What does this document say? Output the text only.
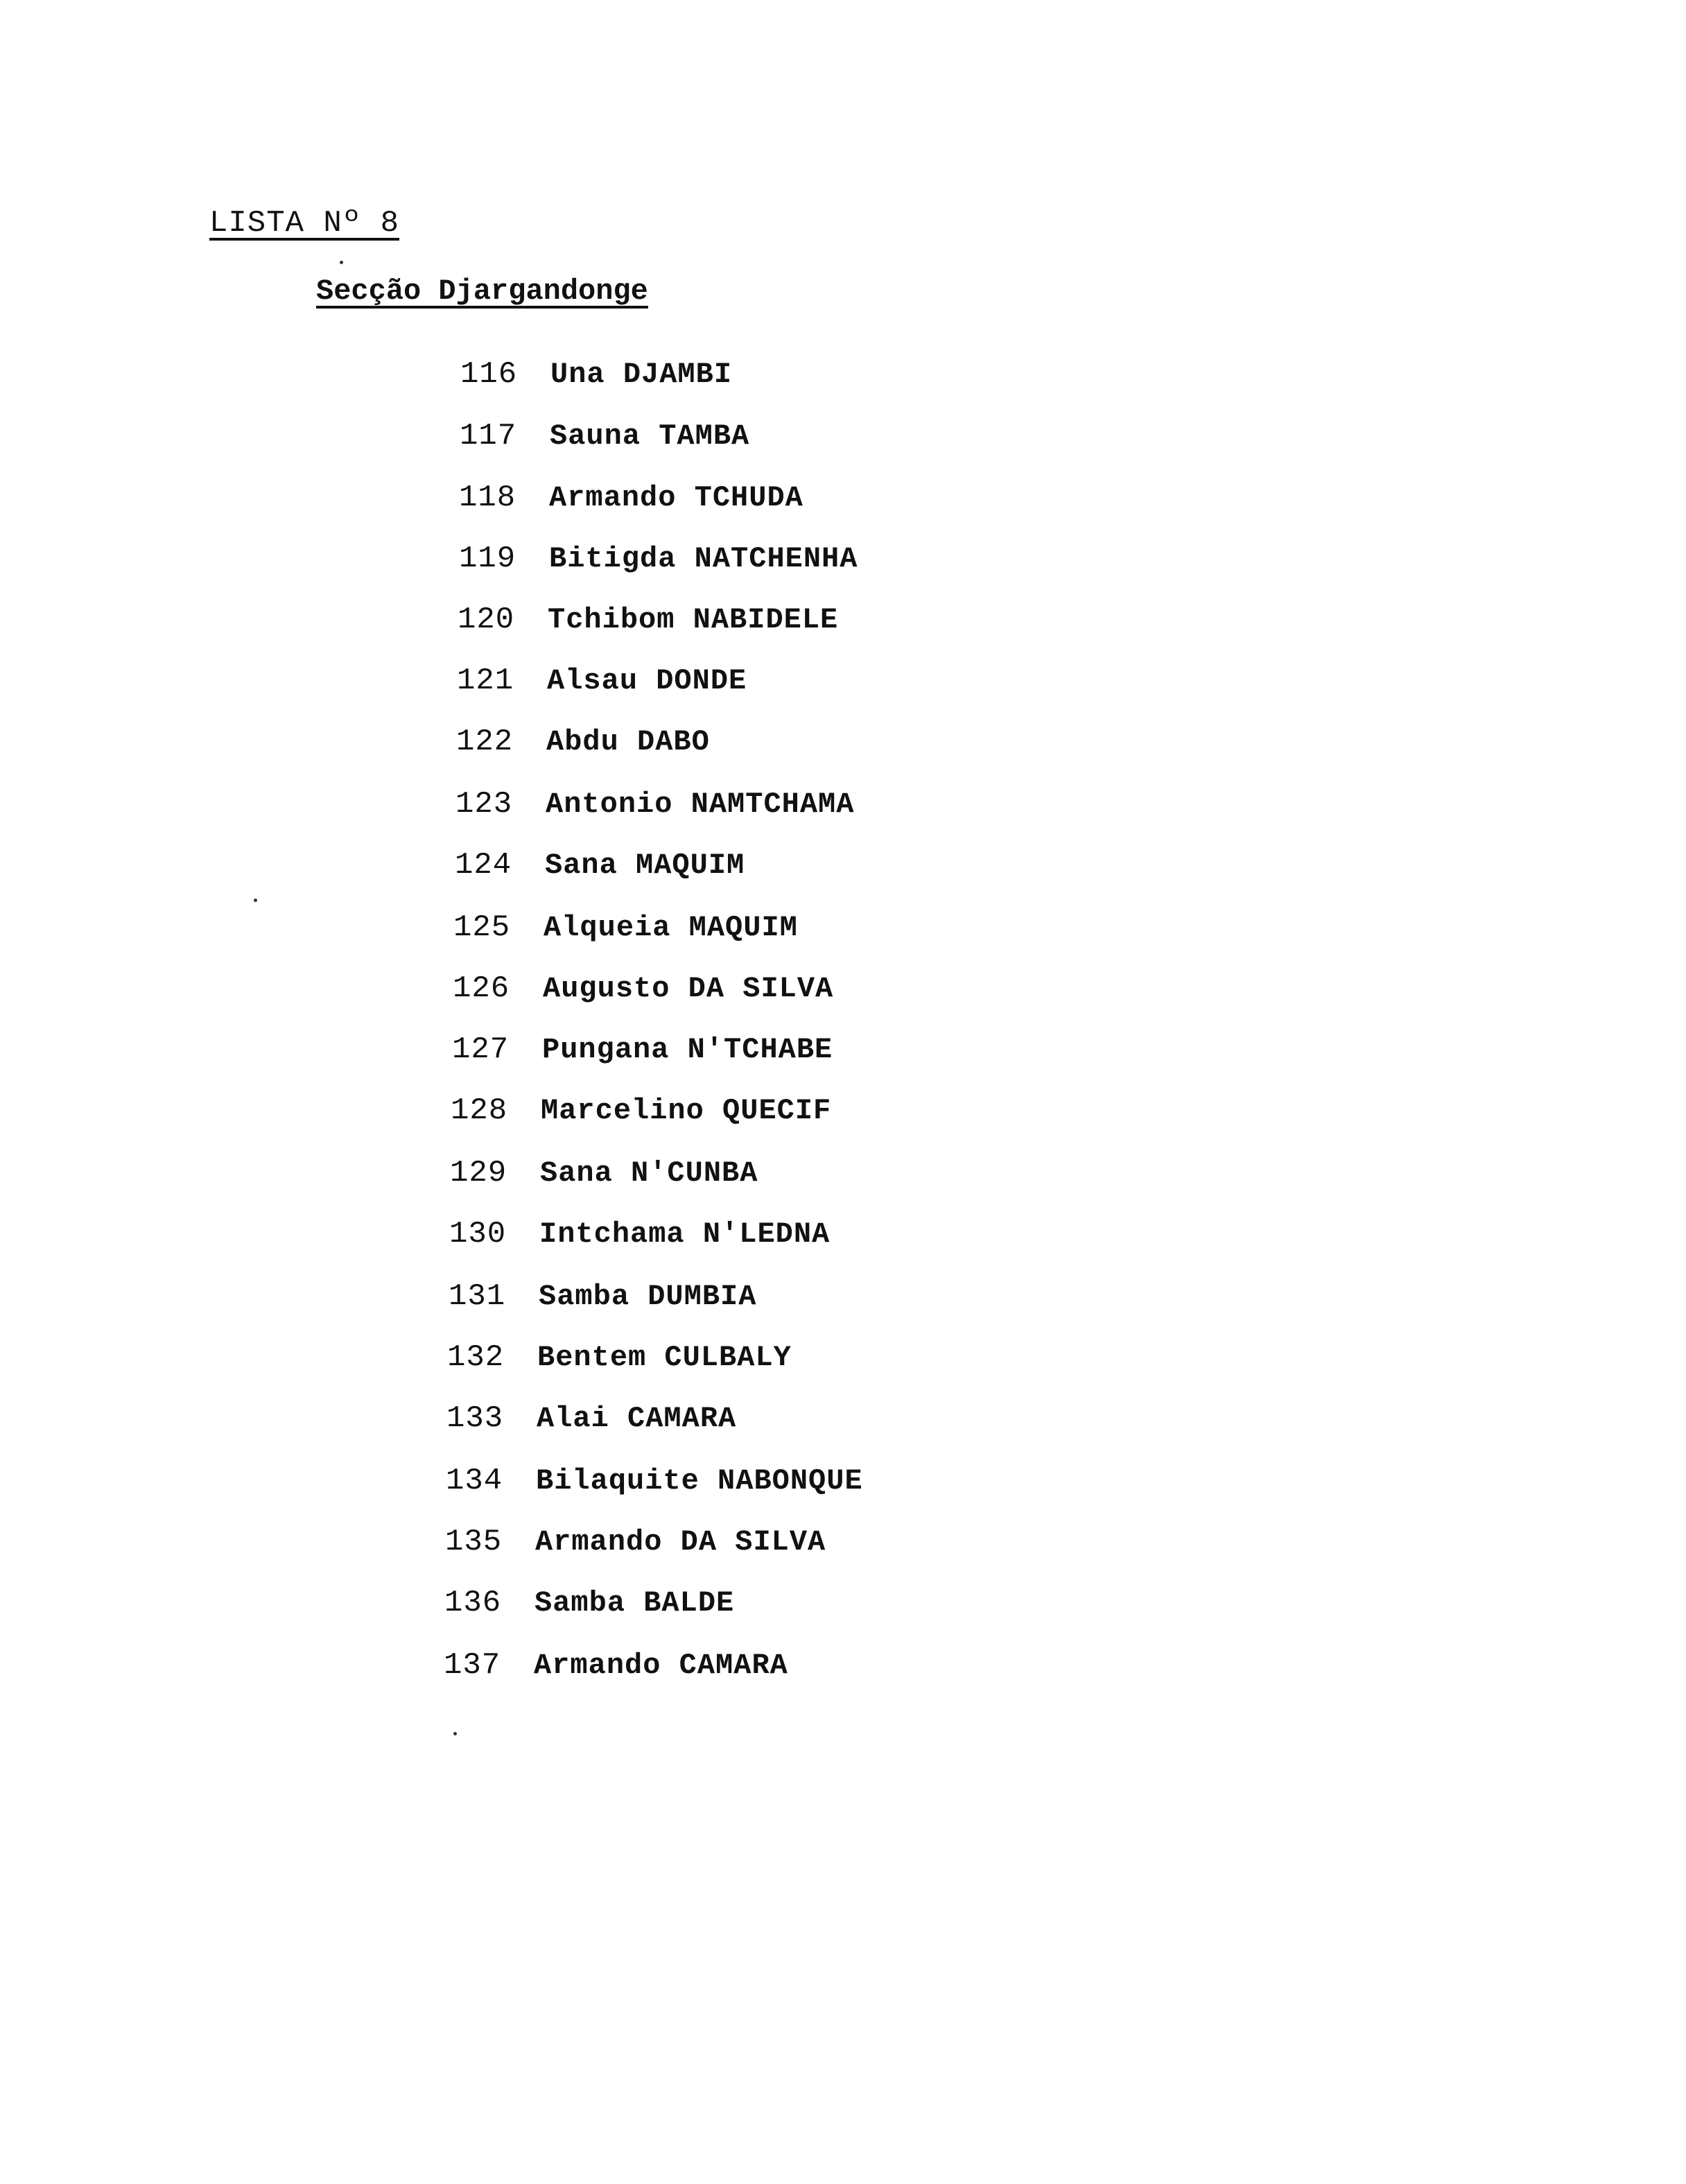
LISTA Nº 8
Secção Djargandonge
116 Una DJAMBI
117 Sauna TAMBA
118 Armando TCHUDA
119 Bitigda NATCHENHA
120 Tchibom NABIDELE
121 Alsau DONDE
122 Abdu DABO
123 Antonio NAMTCHAMA
124 Sana MAQUIM
125 Alqueia MAQUIM
126 Augusto DA SILVA
127 Pungana N'TCHABE
128 Marcelino QUECIF
129 Sana N'CUNBA
130 Intchama N'LEDNA
131 Samba DUMBIA
132 Bentem CULBALY
133 Alai CAMARA
134 Bilaquite NABONQUE
135 Armando DA SILVA
136 Samba BALDE
137 Armando CAMARA
